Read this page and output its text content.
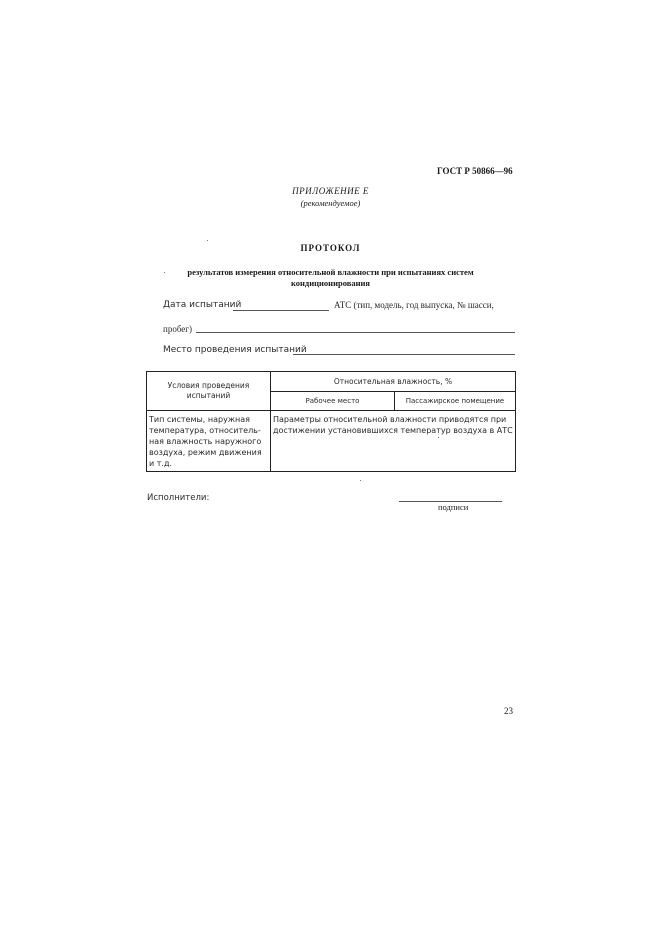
ГОСТ Р 50866—96
ПРИЛОЖЕНИЕ Е
(рекомендуемое)
ПРОТОКОЛ
результатов измерения относительной влажности при испытаниях систем
кондиционирования
Дата испытаний	АТС (тип, модель, год выпуска, № шасси,
пробег)
Место проведения испытаний
Условия проведения
испытаний	Относительная влажность, %	
	Рабочее место	Пассажирское помещение

Тип системы, наружная
температура, относитель-
ная влажность наружного
воздуха, режим движения
и т.д.	Параметры относительной влажности приводятся при
достижении установившихся температур воздуха в АТС	
Исполнители:
подписи
23
